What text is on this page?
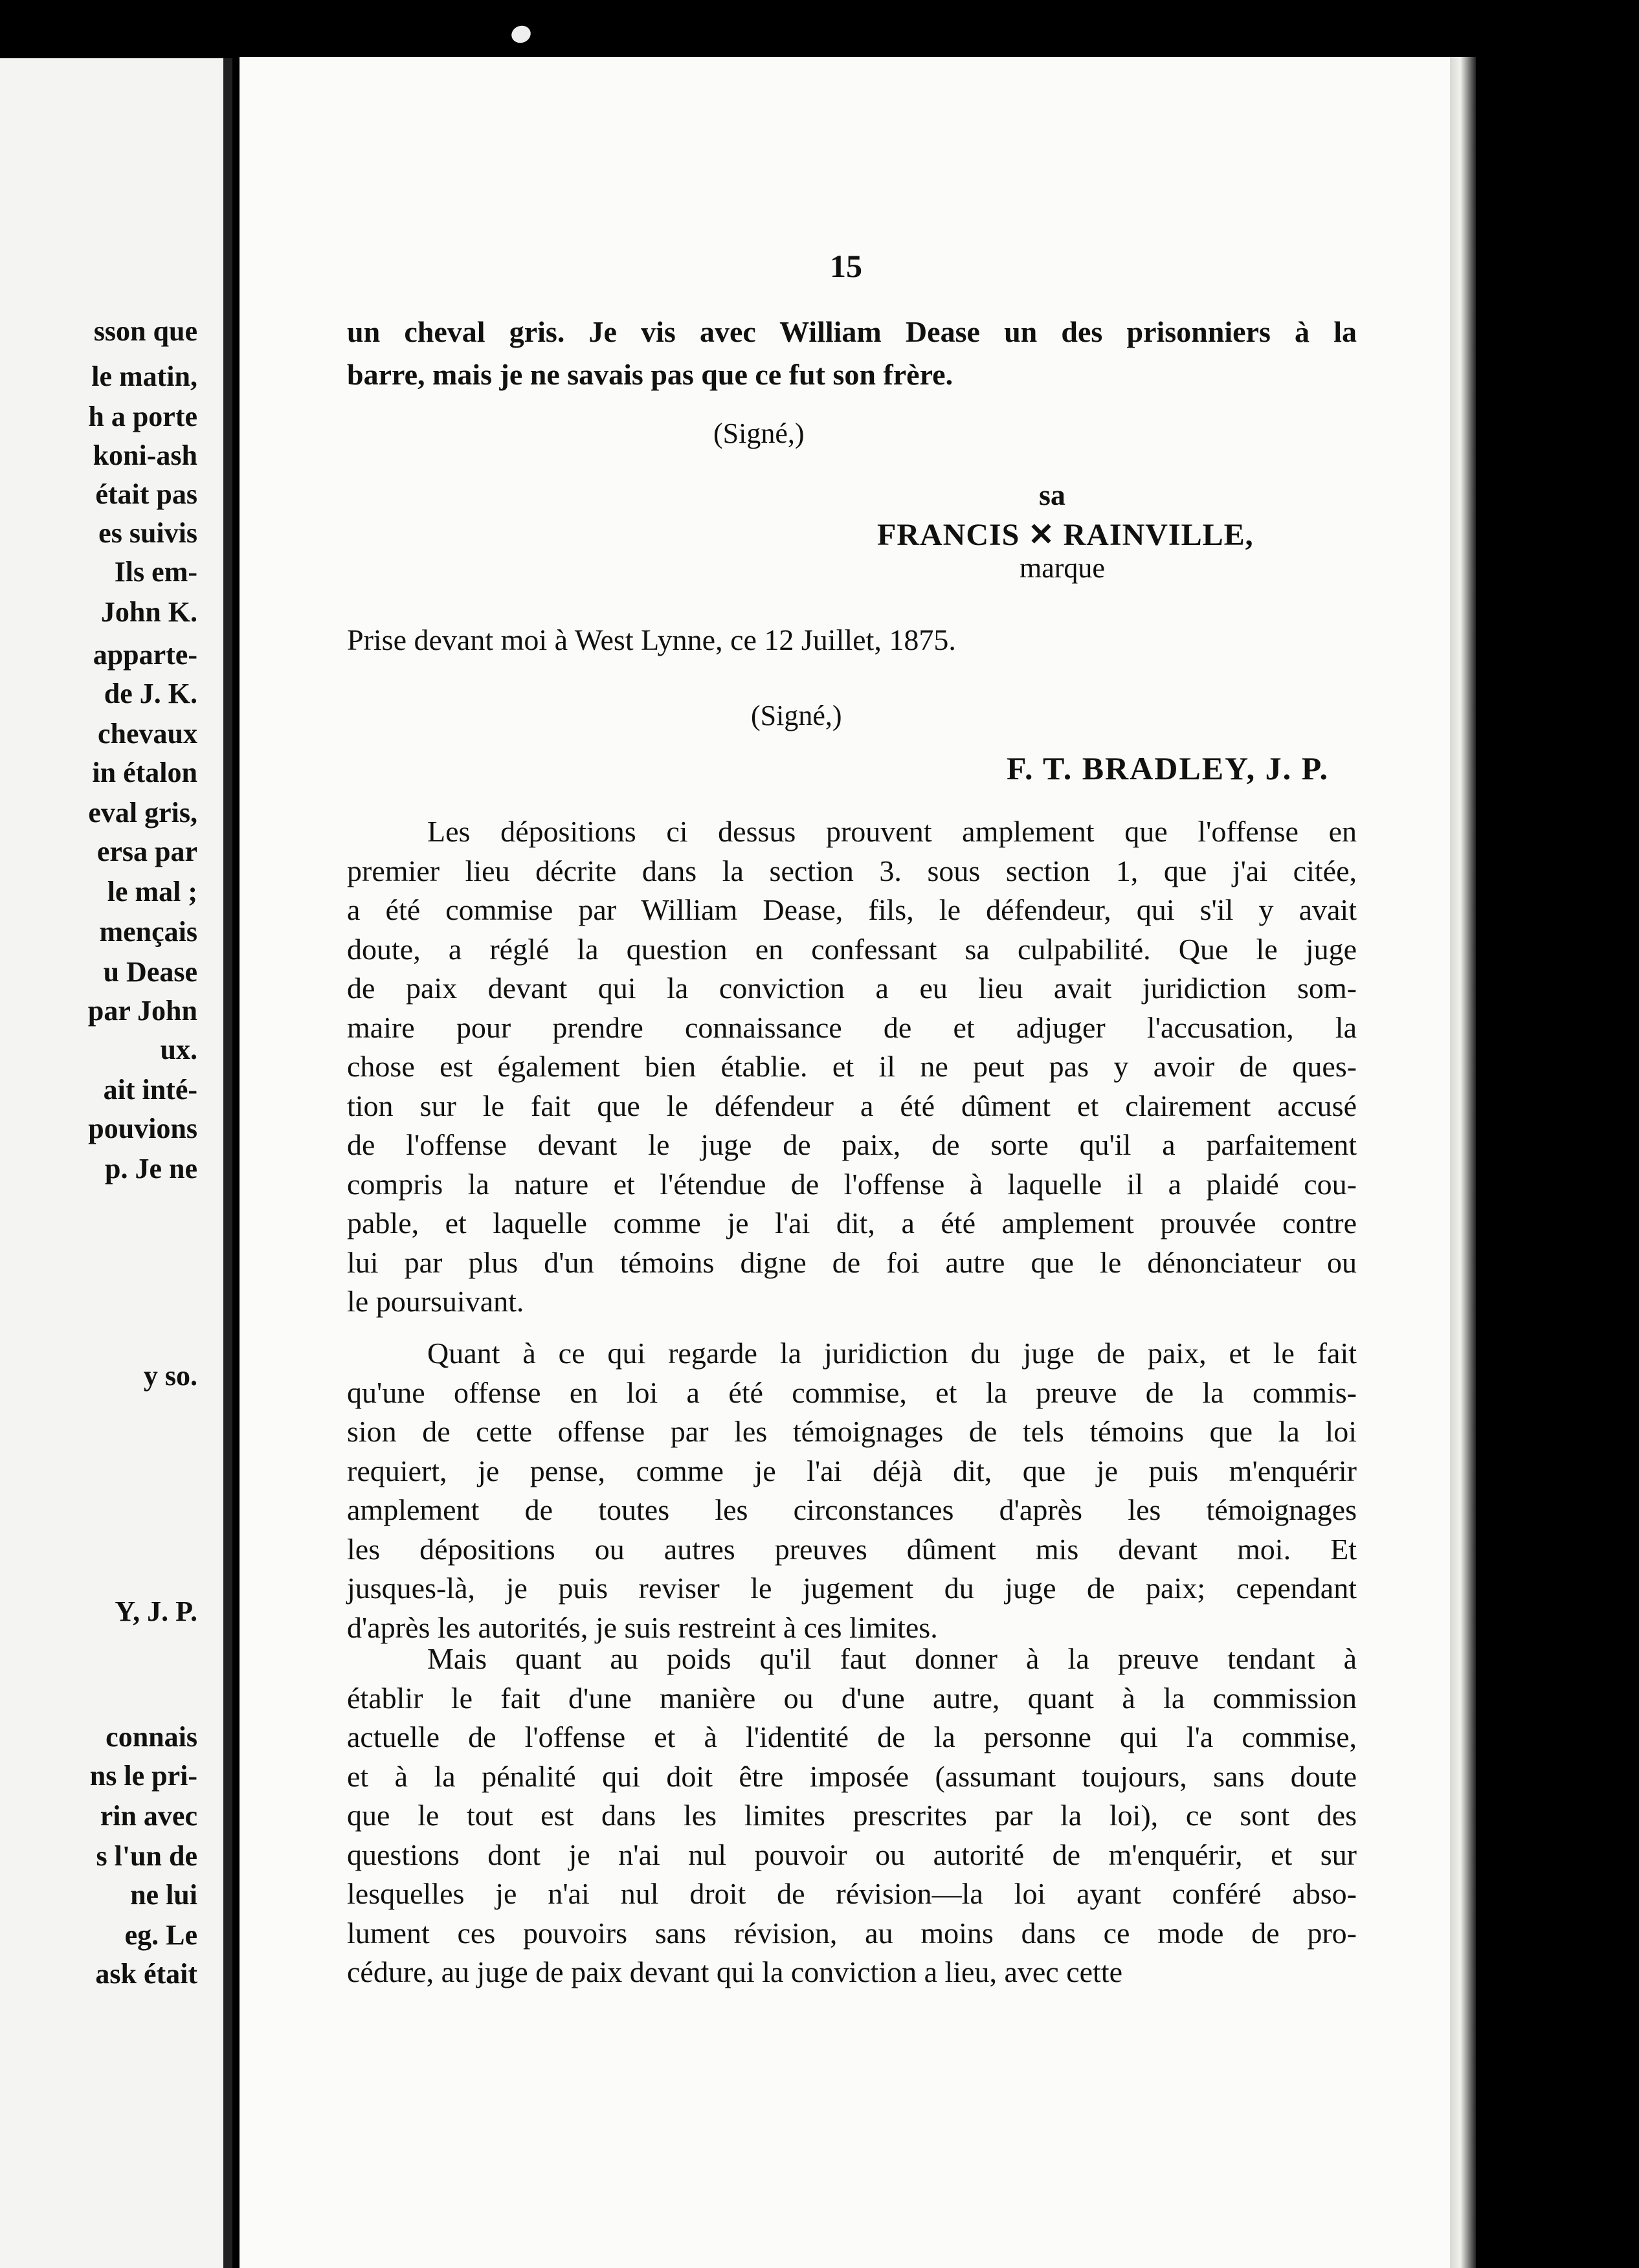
sson que
le matin,
h a porte
koni-ash
était pas
es suivis
Ils em-
John K.
apparte-
de J. K.
chevaux
in étalon
eval gris,
ersa par
le mal ;
mençais
u Dease
par John
ux.
ait inté-
pouvions
p. Je ne
y so.
Y, J. P.
connais
ns le pri-
rin avec
s l'un de
ne lui
eg. Le
ask était
15
un cheval gris. Je vis avec William Dease un des prisonniers à la
barre, mais je ne savais pas que ce fut son frère.
(Signé,)
sa
FRANCIS ✕ RAINVILLE,
marque
Prise devant moi à West Lynne, ce 12 Juillet, 1875.
(Signé,)
F. T. BRADLEY, J. P.
Les dépositions ci dessus prouvent amplement que l'offense en
premier lieu décrite dans la section 3. sous section 1, que j'ai citée,
a été commise par William Dease, fils, le défendeur, qui s'il y avait
doute, a réglé la question en confessant sa culpabilité. Que le juge
de paix devant qui la conviction a eu lieu avait juridiction som-
maire pour prendre connaissance de et adjuger l'accusation, la
chose est également bien établie. et il ne peut pas y avoir de ques-
tion sur le fait que le défendeur a été dûment et clairement accusé
de l'offense devant le juge de paix, de sorte qu'il a parfaitement
compris la nature et l'étendue de l'offense à laquelle il a plaidé cou-
pable, et laquelle comme je l'ai dit, a été amplement prouvée contre
lui par plus d'un témoins digne de foi autre que le dénonciateur ou
le poursuivant.
Quant à ce qui regarde la juridiction du juge de paix, et le fait
qu'une offense en loi a été commise, et la preuve de la commis-
sion de cette offense par les témoignages de tels témoins que la loi
requiert, je pense, comme je l'ai déjà dit, que je puis m'enquérir
amplement de toutes les circonstances d'après les témoignages
les dépositions ou autres preuves dûment mis devant moi. Et
jusques-là, je puis reviser le jugement du juge de paix; cependant
d'après les autorités, je suis restreint à ces limites.
Mais quant au poids qu'il faut donner à la preuve tendant à
établir le fait d'une manière ou d'une autre, quant à la commission
actuelle de l'offense et à l'identité de la personne qui l'a commise,
et à la pénalité qui doit être imposée (assumant toujours, sans doute
que le tout est dans les limites prescrites par la loi), ce sont des
questions dont je n'ai nul pouvoir ou autorité de m'enquérir, et sur
lesquelles je n'ai nul droit de révision—la loi ayant conféré abso-
lument ces pouvoirs sans révision, au moins dans ce mode de pro-
cédure, au juge de paix devant qui la conviction a lieu, avec cette
